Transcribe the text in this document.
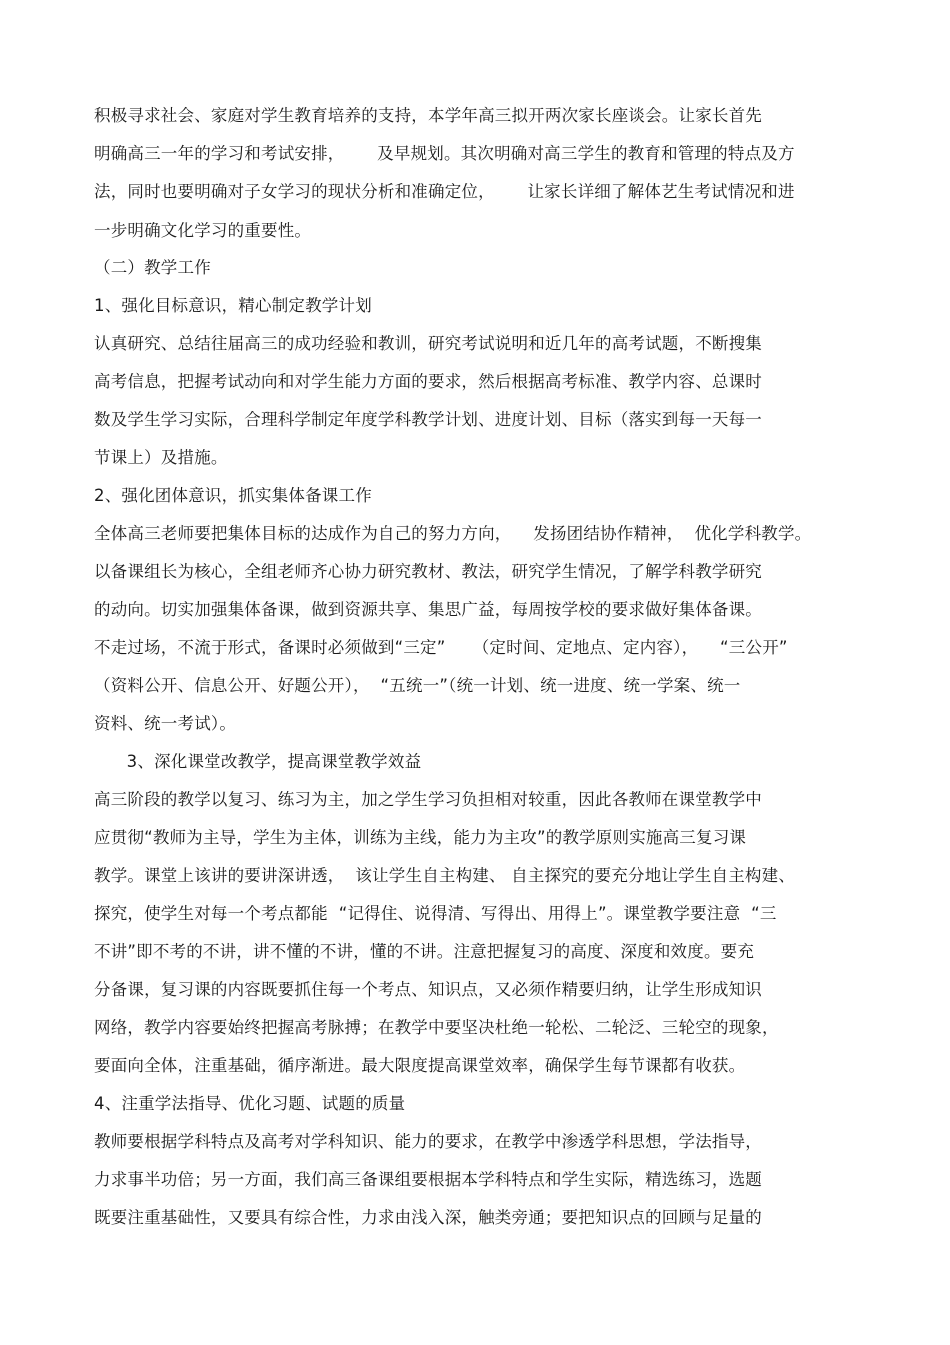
积极寻求社会、家庭对学生教育培养的支持，本学年高三拟开两次家长座谈会。让家长首先
明确高三一年的学习和考试安排，      及早规划。其次明确对高三学生的教育和管理的特点及方
法，同时也要明确对子女学习的现状分析和准确定位，      让家长详细了解体艺生考试情况和进
一步明确文化学习的重要性。
（二）教学工作
1、强化目标意识，精心制定教学计划
认真研究、总结往届高三的成功经验和教训，研究考试说明和近几年的高考试题，不断搜集
高考信息，把握考试动向和对学生能力方面的要求，然后根据高考标准、教学内容、总课时
数及学生学习实际，合理科学制定年度学科教学计划、进度计划、目标（落实到每一天每一
节课上）及措施。
2、强化团体意识，抓实集体备课工作
全体高三老师要把集体目标的达成作为自己的努力方向，    发扬团结协作精神，  优化学科教学。
以备课组长为核心，全组老师齐心协力研究教材、教法，研究学生情况，了解学科教学研究
的动向。切实加强集体备课，做到资源共享、集思广益，每周按学校的要求做好集体备课。
不走过场，不流于形式，备课时必须做到“三定”     （定时间、定地点、定内容），    “三公开”
（资料公开、信息公开、好题公开），  “五统一”（统一计划、统一进度、统一学案、统一
资料、统一考试）。
3、深化课堂改教学，提高课堂教学效益
高三阶段的教学以复习、练习为主，加之学生学习负担相对较重，因此各教师在课堂教学中
应贯彻“教师为主导，学生为主体，训练为主线，能力为主攻”的教学原则实施高三复习课
教学。课堂上该讲的要讲深讲透，  该让学生自主构建、 自主探究的要充分地让学生自主构建、
探究，使学生对每一个考点都能  “记得住、说得清、写得出、用得上”。课堂教学要注意  “三
不讲”即不考的不讲，讲不懂的不讲，懂的不讲。注意把握复习的高度、深度和效度。要充
分备课，复习课的内容既要抓住每一个考点、知识点，又必须作精要归纳，让学生形成知识
网络，教学内容要始终把握高考脉搏；在教学中要坚决杜绝一轮松、二轮泛、三轮空的现象，
要面向全体，注重基础，循序渐进。最大限度提高课堂效率，确保学生每节课都有收获。
4、注重学法指导、优化习题、试题的质量
教师要根据学科特点及高考对学科知识、能力的要求，在教学中渗透学科思想，学法指导，
力求事半功倍；另一方面，我们高三备课组要根据本学科特点和学生实际，精选练习，选题
既要注重基础性，又要具有综合性，力求由浅入深，触类旁通；要把知识点的回顾与足量的
